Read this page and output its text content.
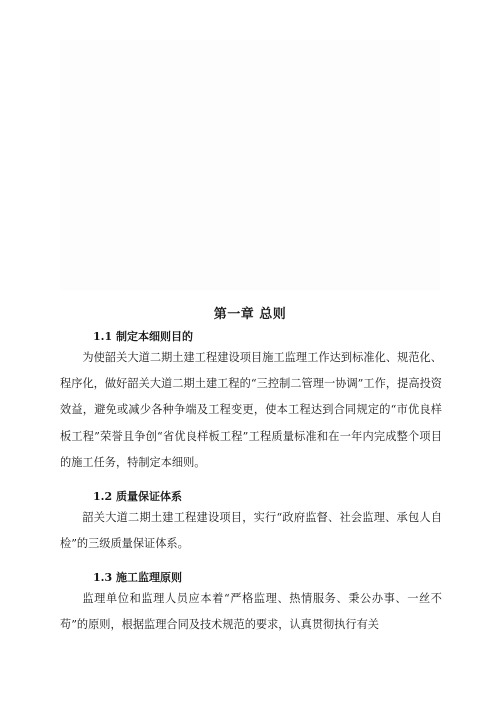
第一章 总则
1.1 制定本细则目的

为使韶关大道二期土建工程建设项目施工监理工作达到标准化、规范化、程序化，做好韶关大道二期土建工程的“三控制二管理一协调”工作，提高投资效益，避免或减少各种争端及工程变更，使本工程达到合同规定的“市优良样板工程”荣誉且争创“省优良样板工程”工程质量标准和在一年内完成整个项目的施工任务，特制定本细则。

1.2 质量保证体系

韶关大道二期土建工程建设项目，实行“政府监督、社会监理、承包人自检”的三级质量保证体系。

1.3 施工监理原则

监理单位和监理人员应本着“严格监理、热情服务、秉公办事、一丝不苟”的原则，根据监理合同及技术规范的要求，认真贯彻执行有关
